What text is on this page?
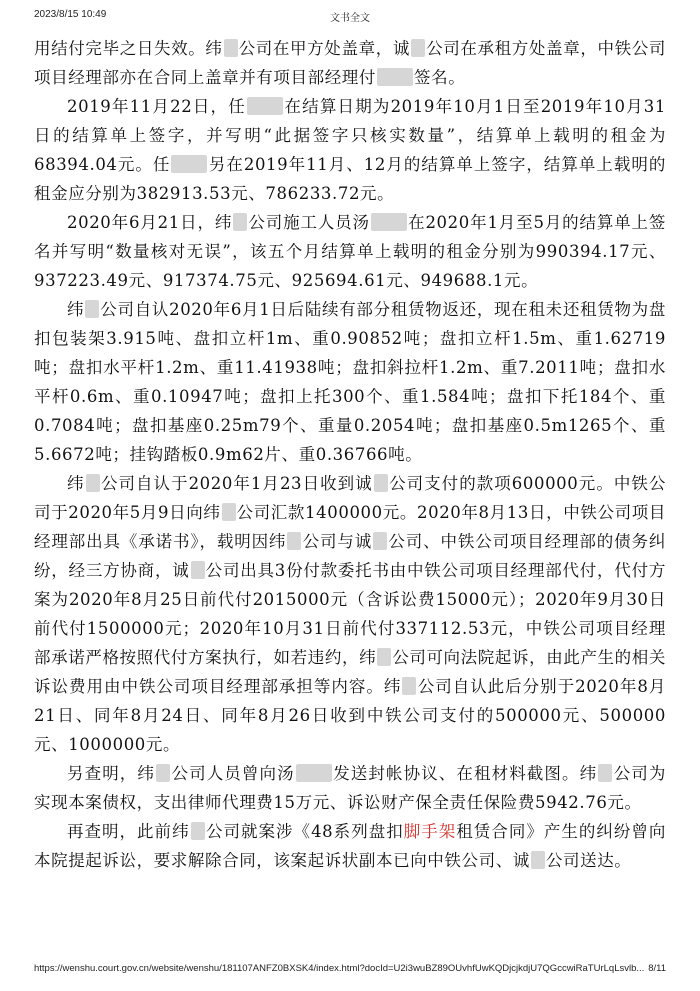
2023/8/15 10:49	文书全文

用结付完毕之日失效。纬 公司在甲方处盖章，诚 公司在承租方处盖章，中铁公司项目经理部亦在合同上盖章并有项目部经理付 签名。

2019年11月22日，任 在结算日期为2019年10月1日至2019年10月31日的结算单上签字，并写明“此据签字只核实数量”，结算单上载明的租金为68394.04元。任 另在2019年11月、12月的结算单上签字，结算单上载明的租金应分别为382913.53元、786233.72元。

2020年6月21日，纬 公司施工人员汤 在2020年1月至5月的结算单上签名并写明“数量核对无误”，该五个月结算单上载明的租金分别为990394.17元、937223.49元、917374.75元、925694.61元、949688.1元。

纬 公司自认2020年6月1日后陆续有部分租赁物返还，现在租未还租赁物为盘扣包装架3.915吨、盘扣立杆1m、重0.90852吨；盘扣立杆1.5m、重1.62719吨；盘扣水平杆1.2m、重11.41938吨；盘扣斜拉杆1.2m、重7.2011吨；盘扣水平杆0.6m、重0.10947吨；盘扣上托300个、重1.584吨；盘扣下托184个、重0.7084吨；盘扣基座0.25m79个、重量0.2054吨；盘扣基座0.5m1265个、重5.6672吨；挂钩踏板0.9m62片、重0.36766吨。

纬 公司自认于2020年1月23日收到诚 公司支付的款项600000元。中铁公司于2020年5月9日向纬 公司汇款1400000元。2020年8月13日，中铁公司项目经理部出具《承诺书》，载明因纬 公司与诚 公司、中铁公司项目经理部的债务纠纷，经三方协商，诚 公司出具3份付款委托书由中铁公司项目经理部代付，代付方案为2020年8月25日前代付2015000元（含诉讼费15000元）；2020年9月30日前代付1500000元；2020年10月31日前代付337112.53元，中铁公司项目经理部承诺严格按照代付方案执行，如若违约，纬 公司可向法院起诉，由此产生的相关诉讼费用由中铁公司项目经理部承担等内容。纬 公司自认此后分别于2020年8月21日、同年8月24日、同年8月26日收到中铁公司支付的500000元、500000元、1000000元。

另查明，纬 公司人员曾向汤 发送封帐协议、在租材料截图。纬 公司为实现本案债权，支出律师代理费15万元、诉讼财产保全责任保险费5942.76元。

再查明，此前纬 公司就案涉《48系列盘扣脚手架租赁合同》产生的纠纷曾向本院提起诉讼，要求解除合同，该案起诉状副本已向中铁公司、诚 公司送达。

https://wenshu.court.gov.cn/website/wenshu/181107ANFZ0BXSK4/index.html?docId=U2i3wuBZ89OUvhfUwKQDjcjkdjU7QGccwiRaTUrLqLsvlb... 8/11
